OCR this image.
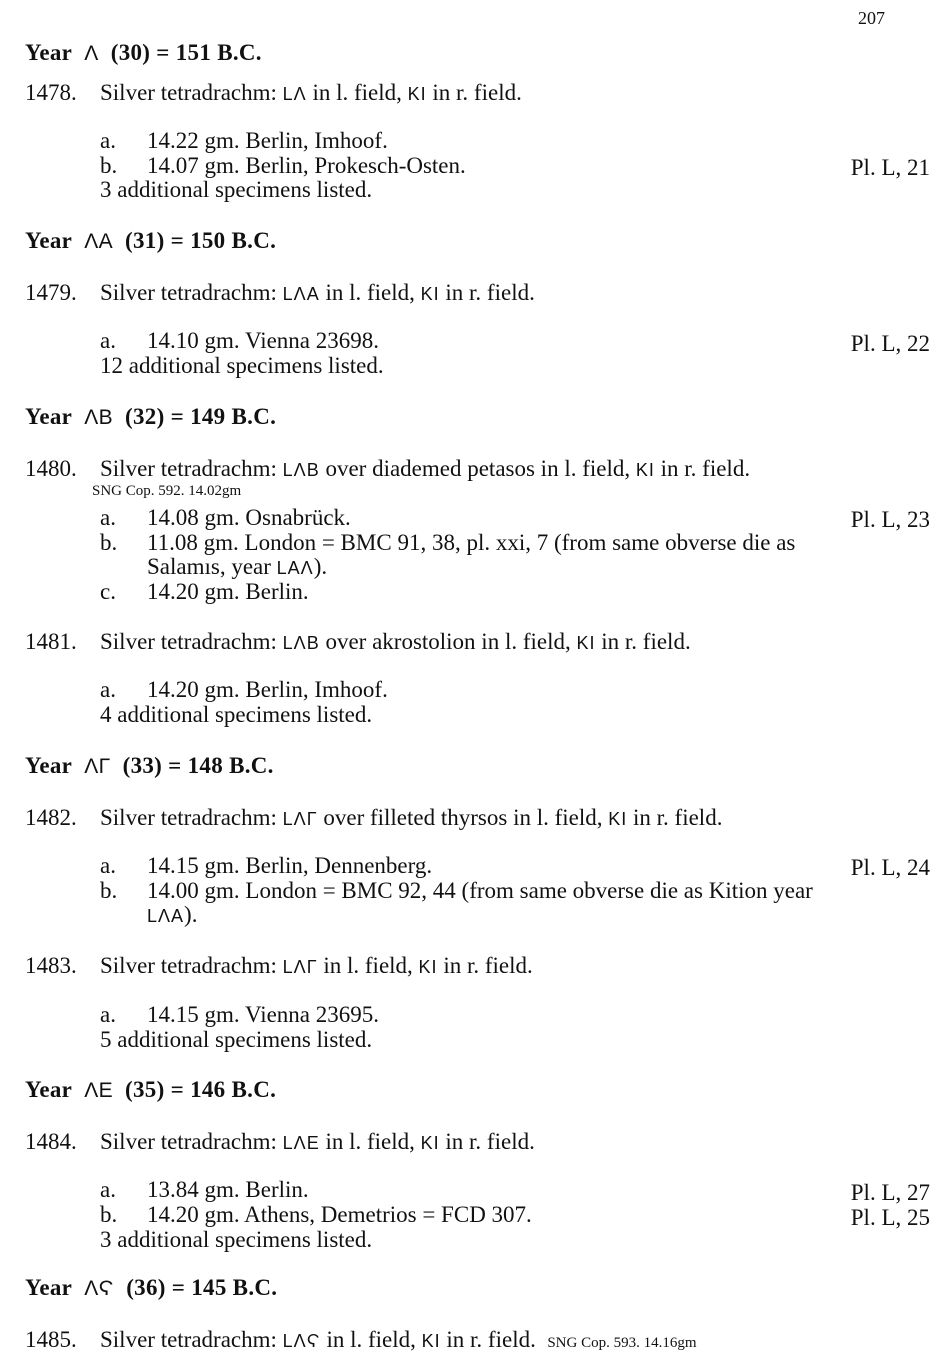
207
Year Λ (30) = 151 B.C.
1478. Silver tetradrachm: LΛ in l. field, KI in r. field.
a. 14.22 gm. Berlin, Imhoof.
b. 14.07 gm. Berlin, Prokesch-Osten.	Pl. L, 21
3 additional specimens listed.
Year ΛA (31) = 150 B.C.
1479. Silver tetradrachm: LΛA in l. field, KI in r. field.
a. 14.10 gm. Vienna 23698.	Pl. L, 22
12 additional specimens listed.
Year ΛB (32) = 149 B.C.
1480. Silver tetradrachm: LΛB over diademed petasos in l. field, KI in r. field.
SNG Cop. 592. 14.02gm
a. 14.08 gm. Osnabrück.	Pl. L, 23
b. 11.08 gm. London = BMC 91, 38, pl. xxi, 7 (from same obverse die as
Salamıs, year LAΛ).
c. 14.20 gm. Berlin.
1481. Silver tetradrachm: LΛB over akrostolion in l. field, KI in r. field.
a. 14.20 gm. Berlin, Imhoof.
4 additional specimens listed.
Year ΛΓ (33) = 148 B.C.
1482. Silver tetradrachm: LΛΓ over filleted thyrsos in l. field, KI in r. field.
a. 14.15 gm. Berlin, Dennenberg.	Pl. L, 24
b. 14.00 gm. London = BMC 92, 44 (from same obverse die as Kition year
LΛA).
1483. Silver tetradrachm: LΛΓ in l. field, KI in r. field.
a. 14.15 gm. Vienna 23695.
5 additional specimens listed.
Year ΛE (35) = 146 B.C.
1484. Silver tetradrachm: LΛE in l. field, KI in r. field.
a. 13.84 gm. Berlin.	Pl. L, 27
b. 14.20 gm. Athens, Demetrios = FCD 307.	Pl. L, 25
3 additional specimens listed.
Year ΛϚ (36) = 145 B.C.
1485. Silver tetradrachm: LΛϚ in l. field, KI in r. field. SNG Cop. 593. 14.16gm
